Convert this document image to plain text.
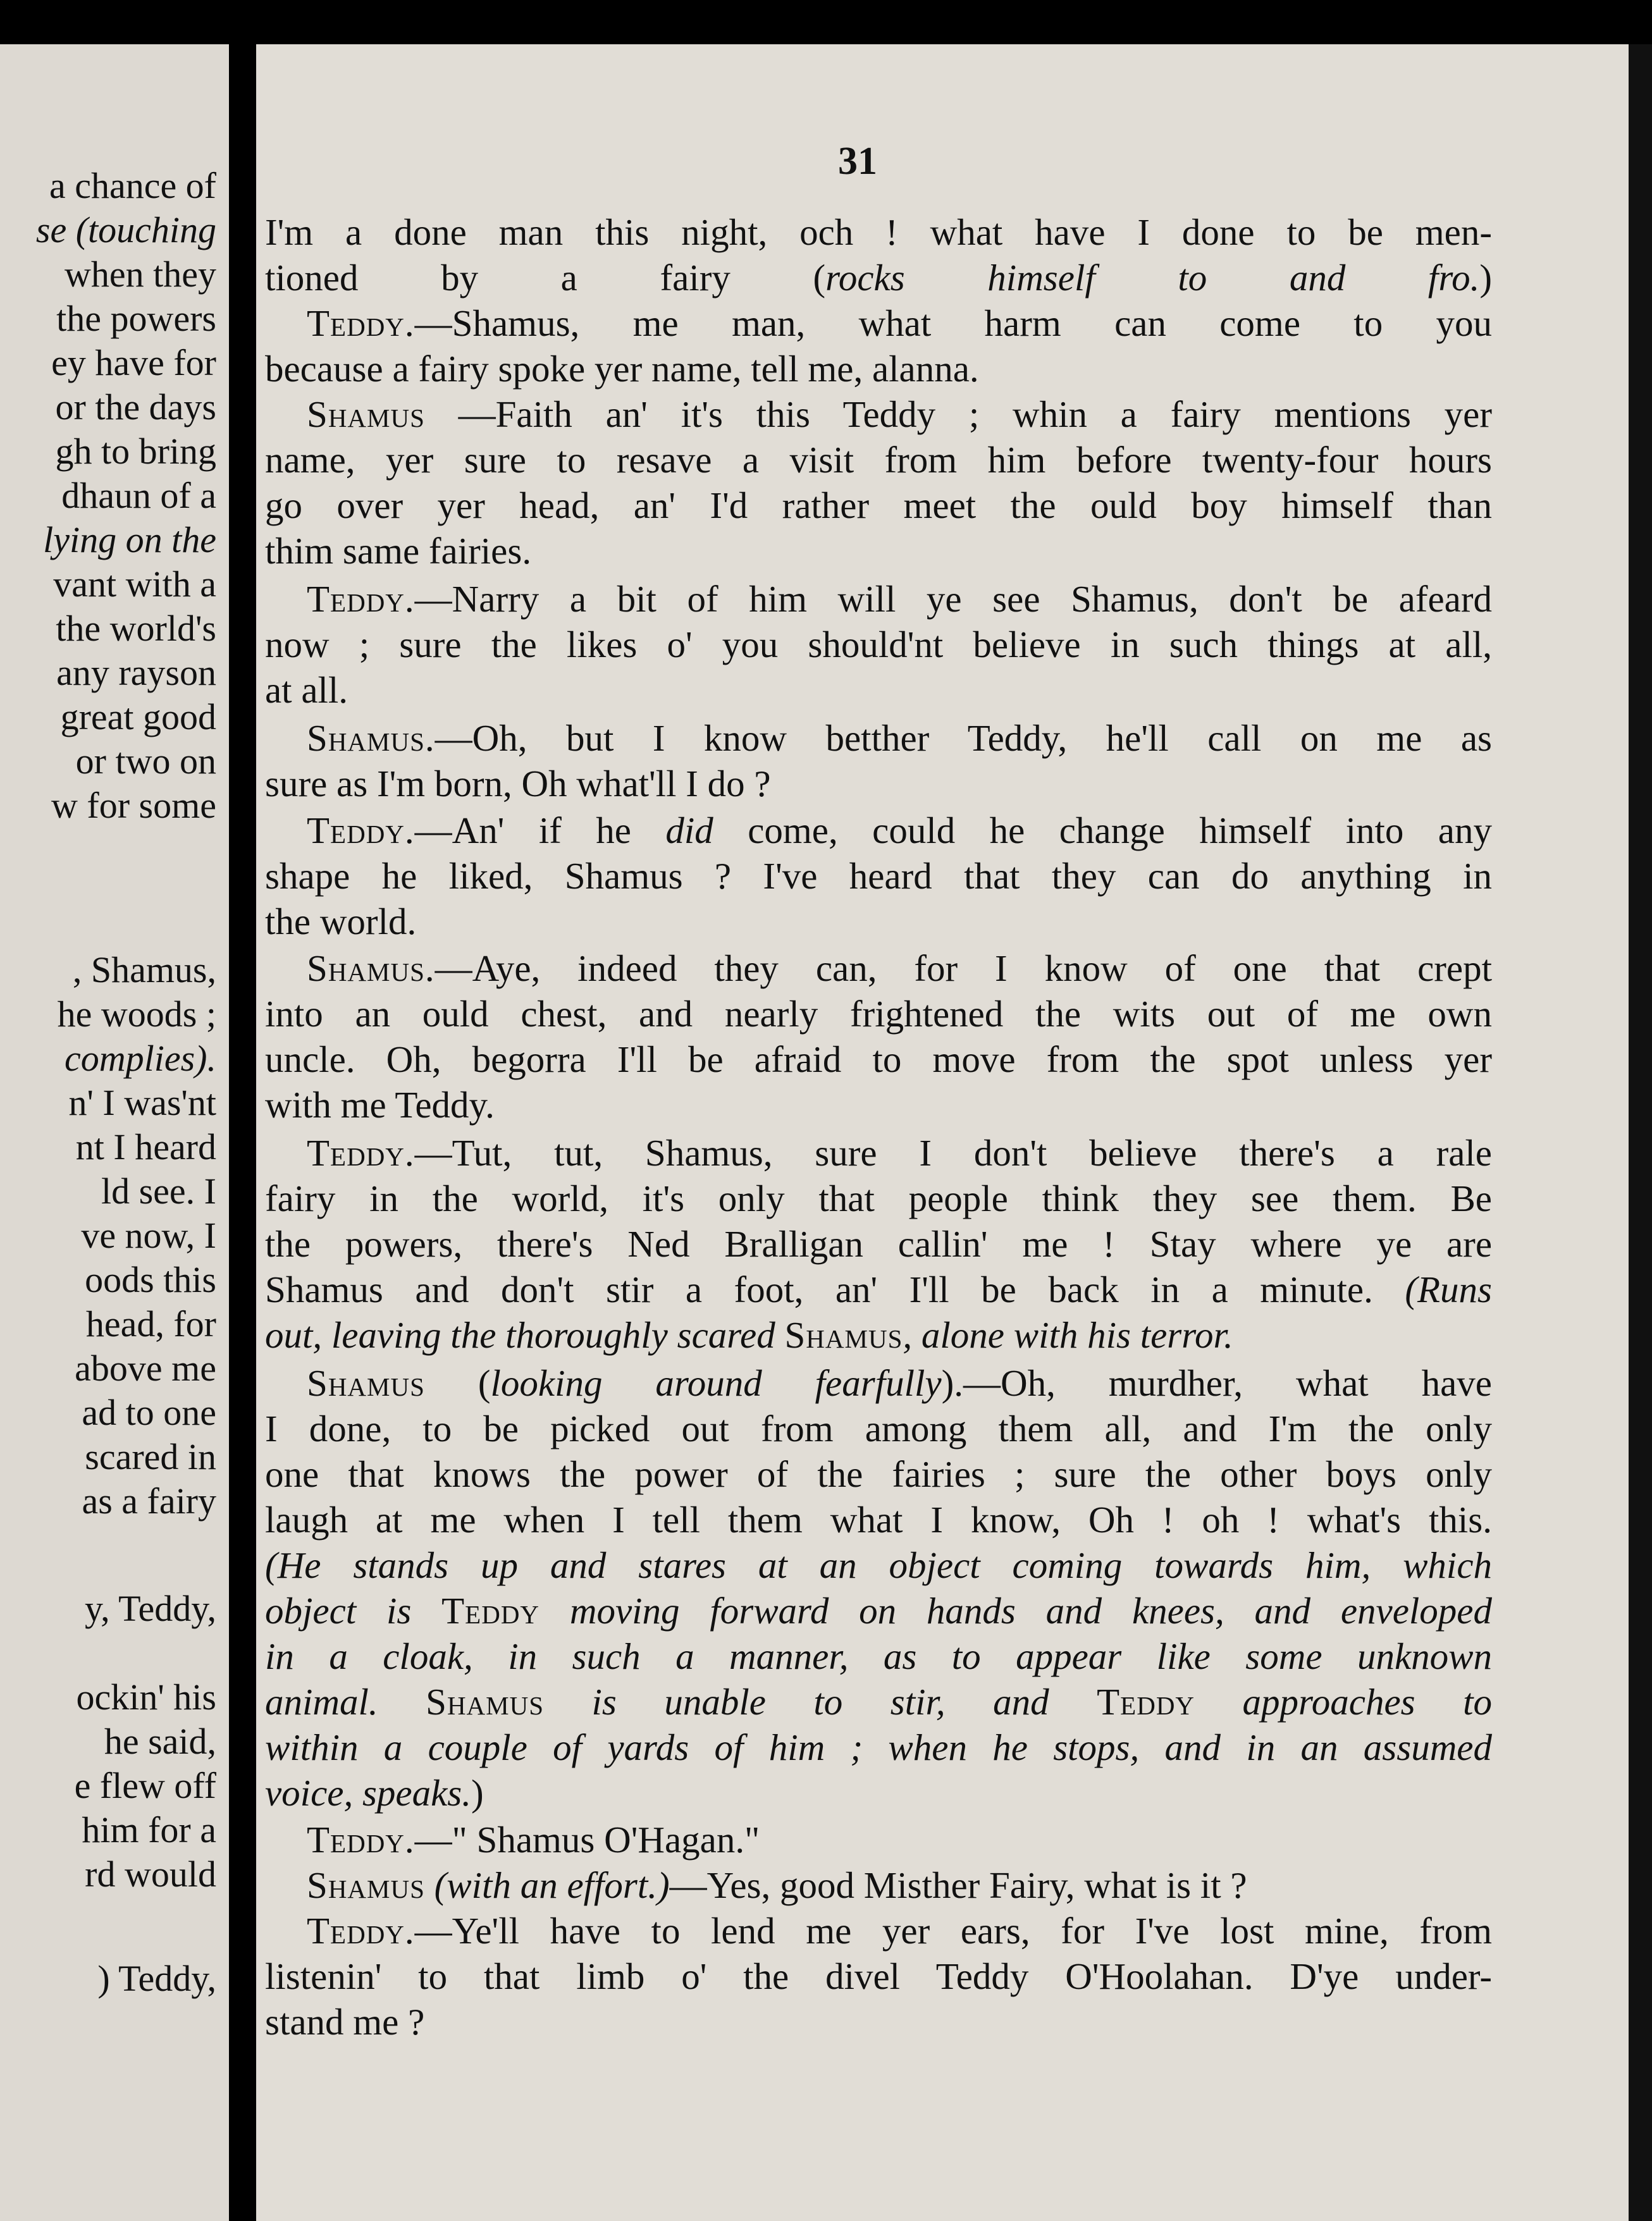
a chance of
se (touching
when they
the powers
ey have for
or the days
gh to bring
dhaun of a
lying on the
vant with a
the world's
any rayson
great good
or two on
w for some
, Shamus,
he woods ;
complies).
n' I was'nt
nt I heard
ld see. I
ve now, I
oods this
head, for
above me
ad to one
scared in
as a fairy
y, Teddy,
ockin' his
he said,
e flew off
him for a
rd would
) Teddy,
31
I'm a done man this night, och ! what have I done to be men-
tioned by a fairy (rocks himself to and fro.)
Teddy.—Shamus, me man, what harm can come to you
because a fairy spoke yer name, tell me, alanna.
Shamus —Faith an' it's this Teddy ; whin a fairy mentions yer
name, yer sure to resave a visit from him before twenty-four hours
go over yer head, an' I'd rather meet the ould boy himself than
thim same fairies.
Teddy.—Narry a bit of him will ye see Shamus, don't be afeard
now ; sure the likes o' you should'nt believe in such things at all,
at all.
Shamus.—Oh, but I know betther Teddy, he'll call on me as
sure as I'm born, Oh what'll I do ?
Teddy.—An' if he did come, could he change himself into any
shape he liked, Shamus ? I've heard that they can do anything in
the world.
Shamus.—Aye, indeed they can, for I know of one that crept
into an ould chest, and nearly frightened the wits out of me own
uncle. Oh, begorra I'll be afraid to move from the spot unless yer
with me Teddy.
Teddy.—Tut, tut, Shamus, sure I don't believe there's a rale
fairy in the world, it's only that people think they see them. Be
the powers, there's Ned Bralligan callin' me ! Stay where ye are
Shamus and don't stir a foot, an' I'll be back in a minute. (Runs
out, leaving the thoroughly scared Shamus, alone with his terror.
Shamus (looking around fearfully).—Oh, murdher, what have
I done, to be picked out from among them all, and I'm the only
one that knows the power of the fairies ; sure the other boys only
laugh at me when I tell them what I know, Oh ! oh ! what's this.
(He stands up and stares at an object coming towards him, which
object is Teddy moving forward on hands and knees, and enveloped
in a cloak, in such a manner, as to appear like some unknown
animal. Shamus is unable to stir, and Teddy approaches to
within a couple of yards of him ; when he stops, and in an assumed
voice, speaks.)
Teddy.—" Shamus O'Hagan."
Shamus (with an effort.)—Yes, good Misther Fairy, what is it ?
Teddy.—Ye'll have to lend me yer ears, for I've lost mine, from
listenin' to that limb o' the divel Teddy O'Hoolahan. D'ye under-
stand me ?
